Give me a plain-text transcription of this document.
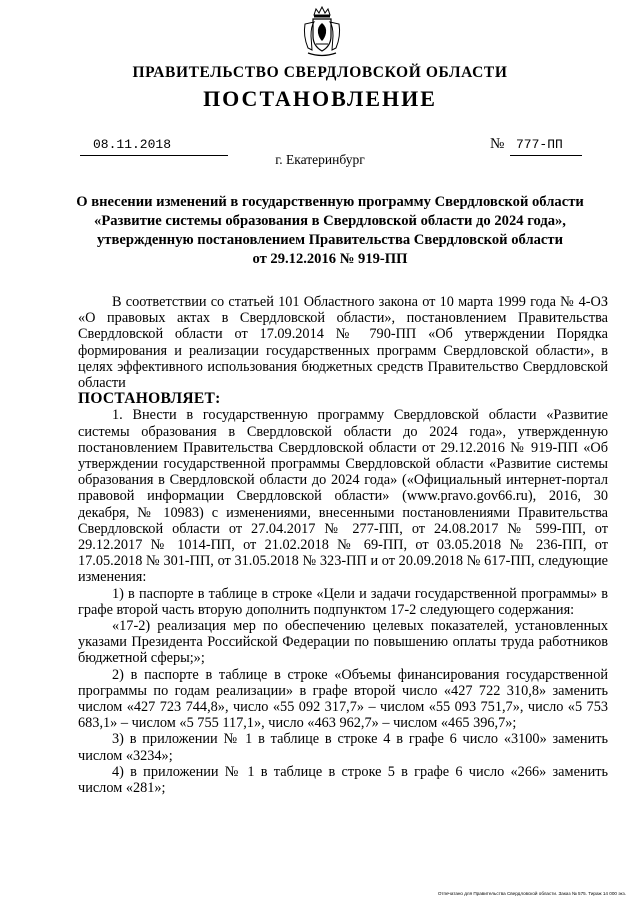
ПРАВИТЕЛЬСТВО СВЕРДЛОВСКОЙ ОБЛАСТИ
ПОСТАНОВЛЕНИЕ
08.11.2018	№ 777-ПП
г. Екатеринбург
О внесении изменений в государственную программу Свердловской области
«Развитие системы образования в Свердловской области до 2024 года»,
утвержденную постановлением Правительства Свердловской области
от 29.12.2016 № 919-ПП

В соответствии со статьей 101 Областного закона от 10 марта 1999 года № 4-ОЗ «О правовых актах в Свердловской области», постановлением Правительства Свердловской области от 17.09.2014 № 790-ПП «Об утверждении Порядка формирования и реализации государственных программ Свердловской области», в целях эффективного использования бюджетных средств Правительство Свердловской области

ПОСТАНОВЛЯЕТ:

1. Внести в государственную программу Свердловской области «Развитие системы образования в Свердловской области до 2024 года», утвержденную постановлением Правительства Свердловской области от 29.12.2016 № 919-ПП «Об утверждении государственной программы Свердловской области «Развитие системы образования в Свердловской области до 2024 года» («Официальный интернет-портал правовой информации Свердловской области» (www.pravo.gov66.ru), 2016, 30 декабря, № 10983) с изменениями, внесенными постановлениями Правительства Свердловской области от 27.04.2017 № 277-ПП, от 24.08.2017 № 599-ПП, от 29.12.2017 № 1014-ПП, от 21.02.2018 № 69-ПП, от 03.05.2018 № 236-ПП, от 17.05.2018 № 301-ПП, от 31.05.2018 № 323-ПП и от 20.09.2018 № 617-ПП, следующие изменения:

1) в паспорте в таблице в строке «Цели и задачи государственной программы» в графе второй часть вторую дополнить подпунктом 17-2 следующего содержания:

«17-2) реализация мер по обеспечению целевых показателей, установленных указами Президента Российской Федерации по повышению оплаты труда работников бюджетной сферы;»;

2) в паспорте в таблице в строке «Объемы финансирования государственной программы по годам реализации» в графе второй число «427 722 310,8» заменить числом «427 723 744,8», число «55 092 317,7» – числом «55 093 751,7», число «5 753 683,1» – числом «5 755 117,1», число «463 962,7» – числом «465 396,7»;

3) в приложении № 1 в таблице в строке 4 в графе 6 число «3100» заменить числом «3234»;

4) в приложении № 1 в таблице в строке 5 в графе 6 число «266» заменить числом «281»;

Отпечатано для Правительства Свердловской области. Заказ № 575. Тираж 14 000 экз.
